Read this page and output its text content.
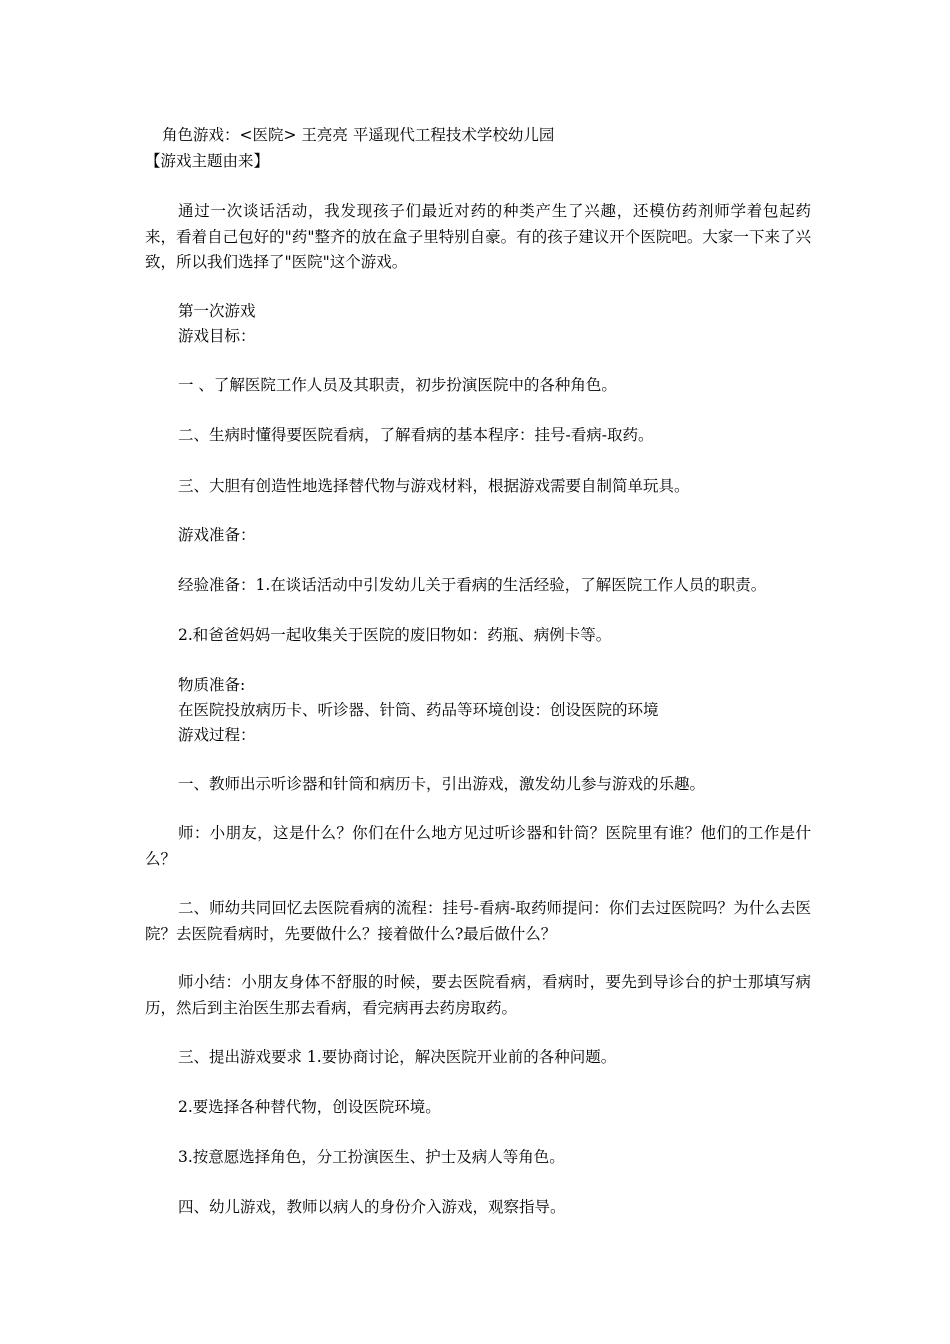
角色游戏：<医院> 王亮亮 平遥现代工程技术学校幼儿园
【游戏主题由来】
通过一次谈话活动，我发现孩子们最近对药的种类产生了兴趣，还模仿药剂师学着包起药来，看着自己包好的"药"整齐的放在盒子里特别自豪。有的孩子建议开个医院吧。大家一下来了兴致，所以我们选择了"医院"这个游戏。
第一次游戏
游戏目标：
一 、了解医院工作人员及其职责，初步扮演医院中的各种角色。
二、生病时懂得要医院看病，了解看病的基本程序：挂号-看病-取药。
三、大胆有创造性地选择替代物与游戏材料，根据游戏需要自制简单玩具。
游戏准备：
经验准备：1.在谈话活动中引发幼儿关于看病的生活经验，了解医院工作人员的职责。
2.和爸爸妈妈一起收集关于医院的废旧物如：药瓶、病例卡等。
物质准备:
在医院投放病历卡、听诊器、针筒、药品等环境创设：创设医院的环境
游戏过程：
一、教师出示听诊器和针筒和病历卡，引出游戏，激发幼儿参与游戏的乐趣。
师：小朋友，这是什么？你们在什么地方见过听诊器和针筒？医院里有谁？他们的工作是什么？
二、师幼共同回忆去医院看病的流程：挂号-看病-取药师提问：你们去过医院吗？为什么去医院？去医院看病时，先要做什么？接着做什么?最后做什么？
师小结：小朋友身体不舒服的时候，要去医院看病，看病时，要先到导诊台的护士那填写病历，然后到主治医生那去看病，看完病再去药房取药。
三、提出游戏要求 1.要协商讨论，解决医院开业前的各种问题。
2.要选择各种替代物，创设医院环境。
3.按意愿选择角色，分工扮演医生、护士及病人等角色。
四、幼儿游戏，教师以病人的身份介入游戏，观察指导。
